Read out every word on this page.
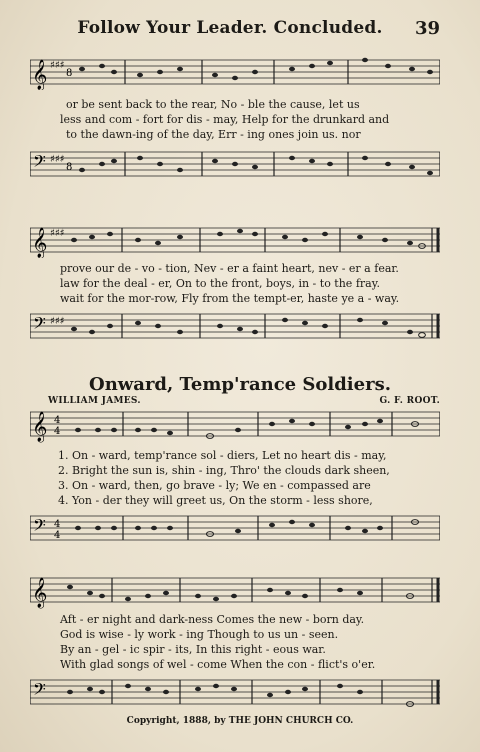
Follow Your Leader. Concluded.	39
𝄞 ♯♯♯
8
or be sent back to the rear, No - ble the cause, let us
less and com - fort for dis - may, Help for the drunkard and
to the dawn-ing of the day, Err - ing ones join us. nor
𝄢 ♯♯♯
8
𝄞 ♯♯♯
prove our de - vo - tion, Nev - er a faint heart, nev - er a fear.
law for the deal - er, On to the front, boys, in - to the fray.
wait for the mor-row, Fly from the tempt-er, haste ye a - way.
𝄢 ♯♯♯
Onward, Temp'rance Soldiers.
WILLIAM JAMES.	G. F. ROOT.
𝄞 4
4
1. On - ward, temp'rance sol - diers, Let no heart dis - may,
2. Bright the sun is, shin - ing, Thro' the clouds dark sheen,
3. On - ward, then, go brave - ly; We en - compassed are
4. Yon - der they will greet us, On the storm - less shore,
𝄢 4
4
𝄞
Aft - er night and dark-ness Comes the new - born day.
God is wise - ly work - ing Though to us un - seen.
By an - gel - ic spir - its, In this right - eous war.
With glad songs of wel - come When the con - flict's o'er.
𝄢
Copyright, 1888, by THE JOHN CHURCH CO.
